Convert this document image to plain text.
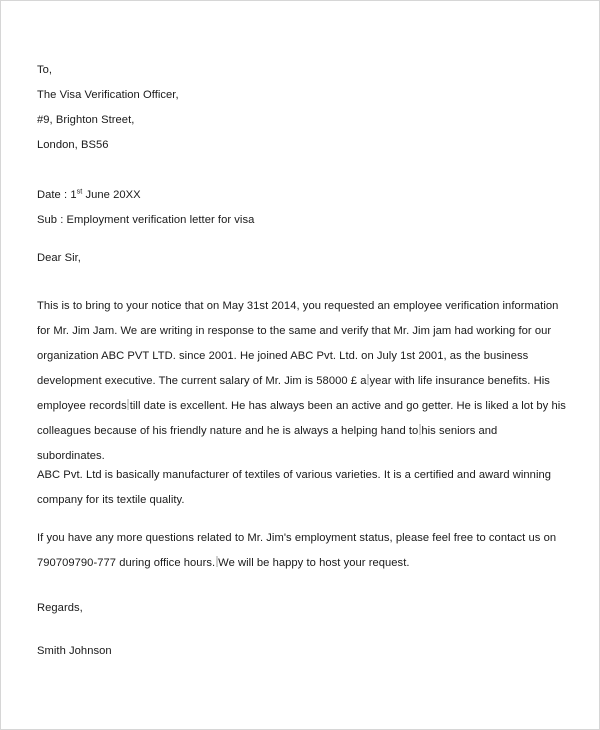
To,
The Visa Verification Officer,
#9, Brighton Street,
London, BS56
Date : 1st June 20XX
Sub : Employment verification letter for visa
Dear Sir,
This is to bring to your notice that on May 31st 2014, you requested an employee verification information for Mr. Jim Jam. We are writing in response to the same and verify that Mr. Jim jam had working for our organization ABC PVT LTD. since 2001. He joined ABC Pvt. Ltd. on July 1st 2001, as the business development executive. The current salary of Mr. Jim is 58000 £ a year with life insurance benefits. His employee records till date is excellent. He has always been an active and go getter. He is liked a lot by his colleagues because of his friendly nature and he is always a helping hand to his seniors and subordinates.
ABC Pvt. Ltd is basically manufacturer of textiles of various varieties. It is a certified and award winning company for its textile quality.
If you have any more questions related to Mr. Jim's employment status, please feel free to contact us on 790709790-777 during office hours. We will be happy to host your request.
Regards,
Smith Johnson
